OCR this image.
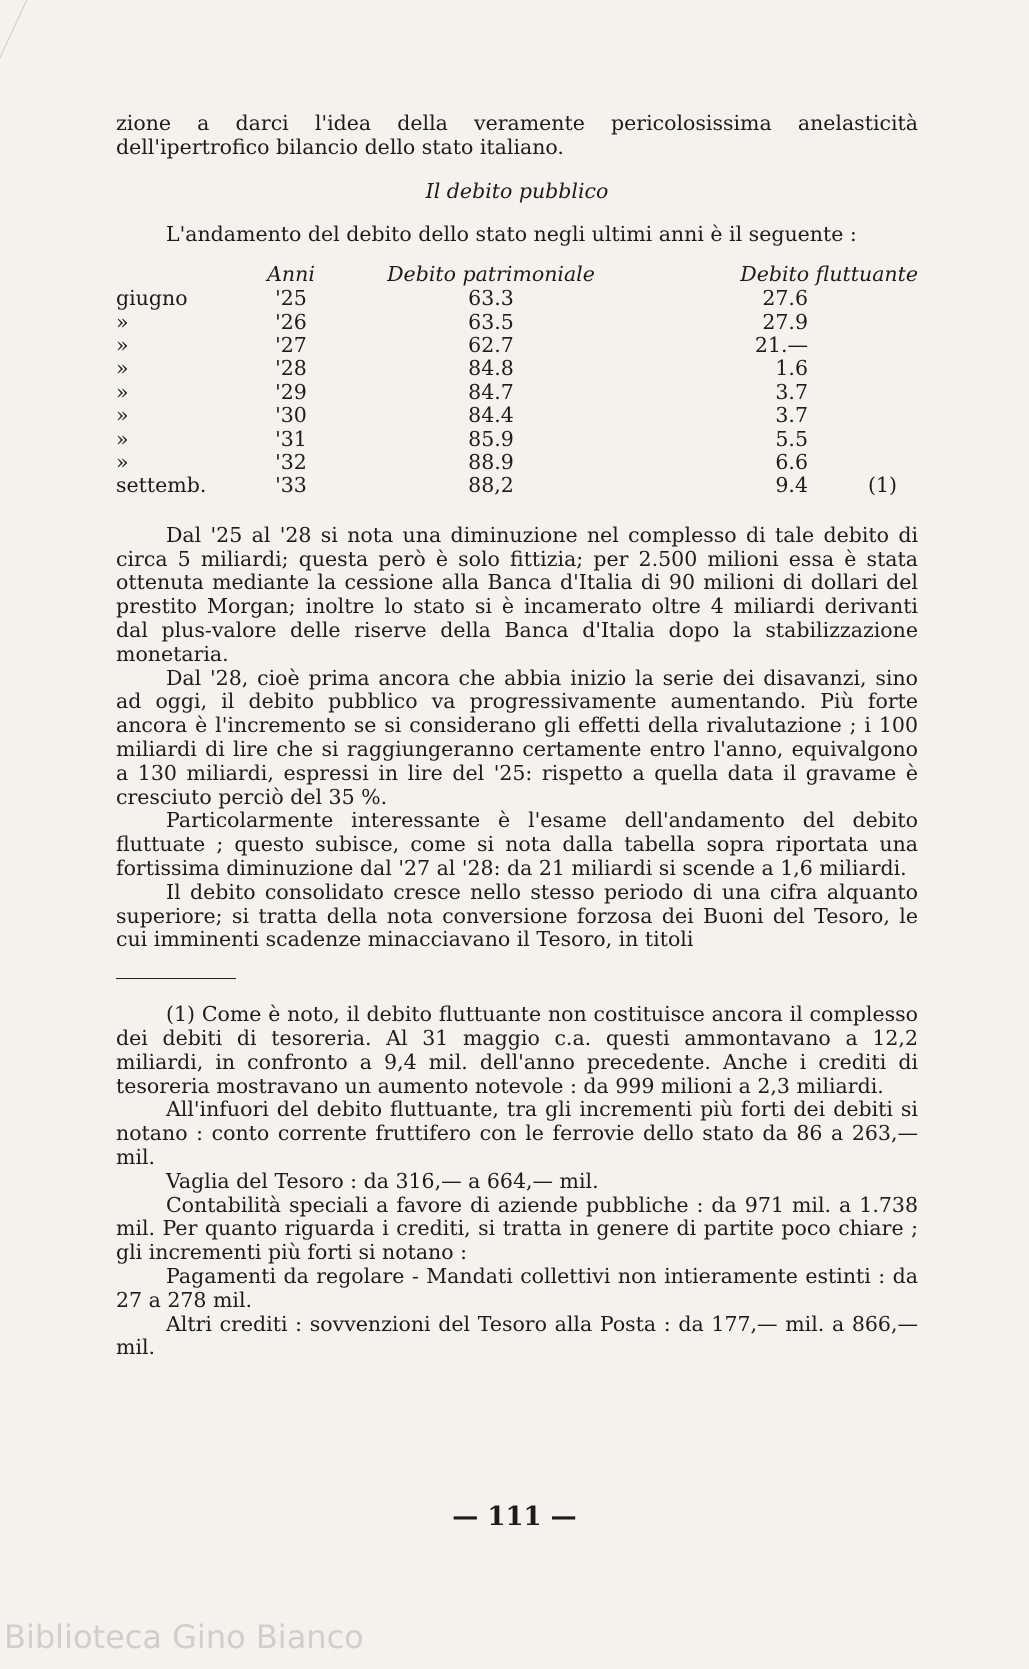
zione a darci l'idea della veramente pericolosissima anelasticità dell'ipertrofico bilancio dello stato italiano.

Il debito pubblico

L'andamento del debito dello stato negli ultimi anni è il seguente :

	Anni	Debito patrimoniale	Debito fluttuante	
giugno	'25	63.3	27.6	
»	'26	63.5	27.9	
»	'27	62.7	21.—	
»	'28	84.8	1.6	
»	'29	84.7	3.7	
»	'30	84.4	3.7	
»	'31	85.9	5.5	
»	'32	88.9	6.6	
settemb.	'33	88,2	9.4	(1)

Dal '25 al '28 si nota una diminuzione nel complesso di tale debito di circa 5 miliardi; questa però è solo fittizia; per 2.500 milioni essa è stata ottenuta mediante la cessione alla Banca d'Italia di 90 milioni di dollari del prestito Morgan; inoltre lo stato si è incamerato oltre 4 miliardi derivanti dal plus-valore delle riserve della Banca d'Italia dopo la stabilizzazione monetaria.

Dal '28, cioè prima ancora che abbia inizio la serie dei disavanzi, sino ad oggi, il debito pubblico va progressivamente aumentando. Più forte ancora è l'incremento se si considerano gli effetti della rivalutazione ; i 100 miliardi di lire che si raggiungeranno certamente entro l'anno, equivalgono a 130 miliardi, espressi in lire del '25: rispetto a quella data il gravame è cresciuto perciò del 35 %.

Particolarmente interessante è l'esame dell'andamento del debito fluttuate ; questo subisce, come si nota dalla tabella sopra riportata una fortissima diminuzione dal '27 al '28: da 21 miliardi si scende a 1,6 miliardi.

Il debito consolidato cresce nello stesso periodo di una cifra alquanto superiore; si tratta della nota conversione forzosa dei Buoni del Tesoro, le cui imminenti scadenze minacciavano il Tesoro, in titoli

(1) Come è noto, il debito fluttuante non costituisce ancora il complesso dei debiti di tesoreria. Al 31 maggio c.a. questi ammontavano a 12,2 miliardi, in confronto a 9,4 mil. dell'anno precedente. Anche i crediti di tesoreria mostravano un aumento notevole : da 999 milioni a 2,3 miliardi.

All'infuori del debito fluttuante, tra gli incrementi più forti dei debiti si notano : conto corrente fruttifero con le ferrovie dello stato da 86 a 263,— mil.

Vaglia del Tesoro : da 316,— a 664,— mil.

Contabilità speciali a favore di aziende pubbliche : da 971 mil. a 1.738 mil. Per quanto riguarda i crediti, si tratta in genere di partite poco chiare ; gli incrementi più forti si notano :

Pagamenti da regolare - Mandati collettivi non intieramente estinti : da 27 a 278 mil.

Altri crediti : sovvenzioni del Tesoro alla Posta : da 177,— mil. a 866,— mil.

— 111 —
Biblioteca Gino Bianco
